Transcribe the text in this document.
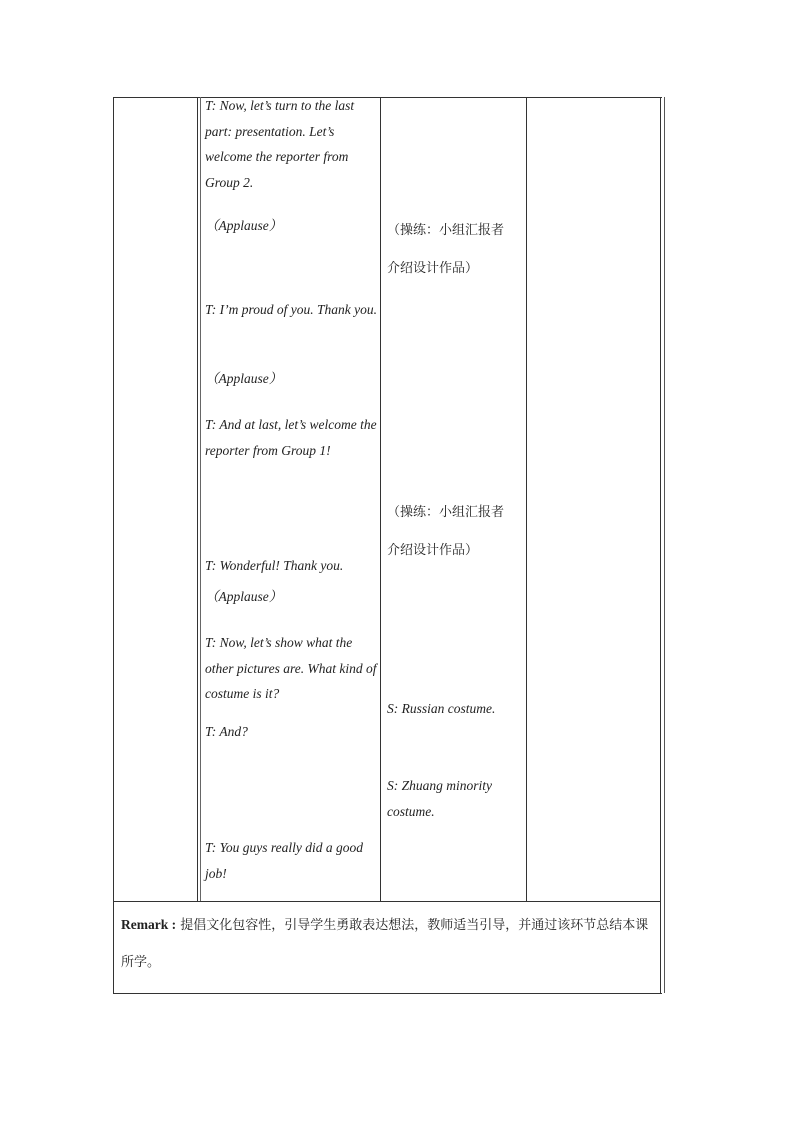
T: Now, let’s turn to the last part: presentation. Let’s welcome the reporter from Group 2.
（Applause）
T: I’m proud of you. Thank you.
（Applause）
T: And at last, let’s welcome the reporter from Group 1!
T: Wonderful! Thank you.
（Applause）
T: Now, let’s show what the other pictures are. What kind of costume is it?
T: And?
T: You guys really did a good job!
（操练：小组汇报者介绍设计作品）
（操练：小组汇报者介绍设计作品）
S: Russian costume.
S: Zhuang minority costume.
Remark : 提倡文化包容性，引导学生勇敢表达想法，教师适当引导，并通过该环节总结本课所学。
